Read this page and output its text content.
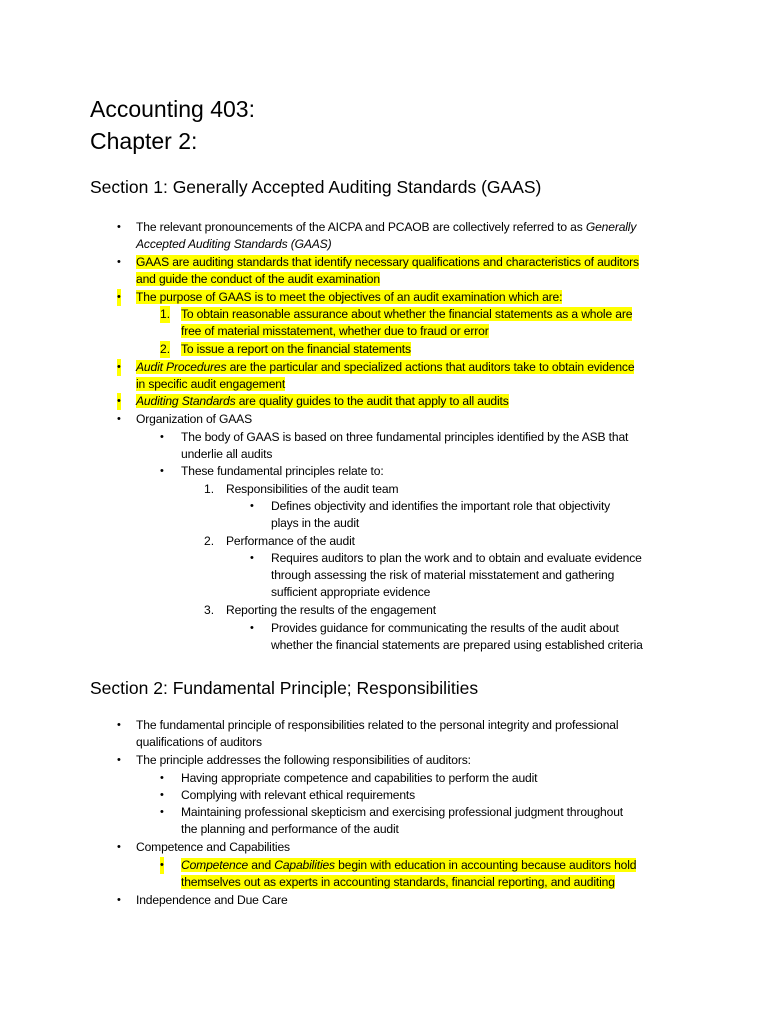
Accounting 403:
Chapter 2:
Section 1: Generally Accepted Auditing Standards (GAAS)
• The relevant pronouncements of the AICPA and PCAOB are collectively referred to as Generally
Accepted Auditing Standards (GAAS)
• GAAS are auditing standards that identify necessary qualifications and characteristics of auditors
and guide the conduct of the audit examination
• The purpose of GAAS is to meet the objectives of an audit examination which are:
1. To obtain reasonable assurance about whether the financial statements as a whole are
free of material misstatement, whether due to fraud or error
2. To issue a report on the financial statements
• Audit Procedures are the particular and specialized actions that auditors take to obtain evidence
in specific audit engagement
• Auditing Standards are quality guides to the audit that apply to all audits
• Organization of GAAS
• The body of GAAS is based on three fundamental principles identified by the ASB that
underlie all audits
• These fundamental principles relate to:
1. Responsibilities of the audit team
• Defines objectivity and identifies the important role that objectivity
plays in the audit
2. Performance of the audit
• Requires auditors to plan the work and to obtain and evaluate evidence
through assessing the risk of material misstatement and gathering
sufficient appropriate evidence
3. Reporting the results of the engagement
• Provides guidance for communicating the results of the audit about
whether the financial statements are prepared using established criteria
Section 2: Fundamental Principle; Responsibilities
• The fundamental principle of responsibilities related to the personal integrity and professional
qualifications of auditors
• The principle addresses the following responsibilities of auditors:
• Having appropriate competence and capabilities to perform the audit
• Complying with relevant ethical requirements
• Maintaining professional skepticism and exercising professional judgment throughout
the planning and performance of the audit
• Competence and Capabilities
• Competence and Capabilities begin with education in accounting because auditors hold
themselves out as experts in accounting standards, financial reporting, and auditing
• Independence and Due Care
